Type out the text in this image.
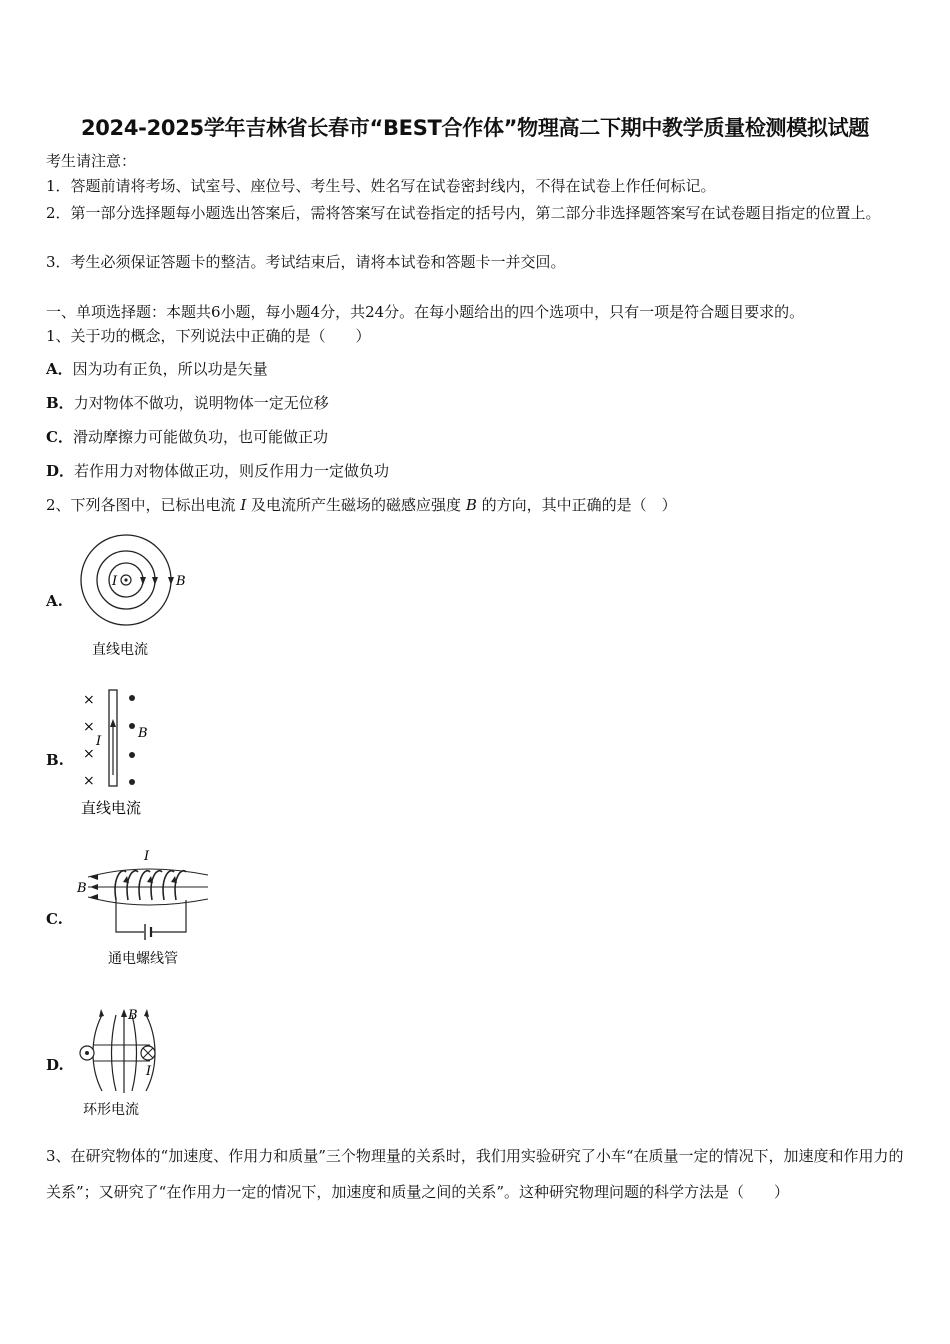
2024-2025学年吉林省长春市“BEST合作体”物理高二下期中教学质量检测模拟试题
考生请注意：
1．答题前请将考场、试室号、座位号、考生号、姓名写在试卷密封线内，不得在试卷上作任何标记。
2．第一部分选择题每小题选出答案后，需将答案写在试卷指定的括号内，第二部分非选择题答案写在试卷题目指定的位置上。
3．考生必须保证答题卡的整洁。考试结束后，请将本试卷和答题卡一并交回。
一、单项选择题：本题共6小题，每小题4分，共24分。在每小题给出的四个选项中，只有一项是符合题目要求的。
1、关于功的概念，下列说法中正确的是（　　）
A．因为功有正负，所以功是矢量
B．力对物体不做功，说明物体一定无位移
C．滑动摩擦力可能做负功，也可能做正功
D．若作用力对物体做正功，则反作用力一定做负功
2、下列各图中，已标出电流 I 及电流所产生磁场的磁感应强度 B 的方向，其中正确的是（　）
A.
I	B
直线电流
B.
×
×
×
×
I
B
直线电流
C.
I
B
通电螺线管
D.
B
I
环形电流
3、在研究物体的“加速度、作用力和质量”三个物理量的关系时，我们用实验研究了小车“在质量一定的情况下，加速度和作用力的关系”；又研究了“在作用力一定的情况下，加速度和质量之间的关系”。这种研究物理问题的科学方法是（　　）
